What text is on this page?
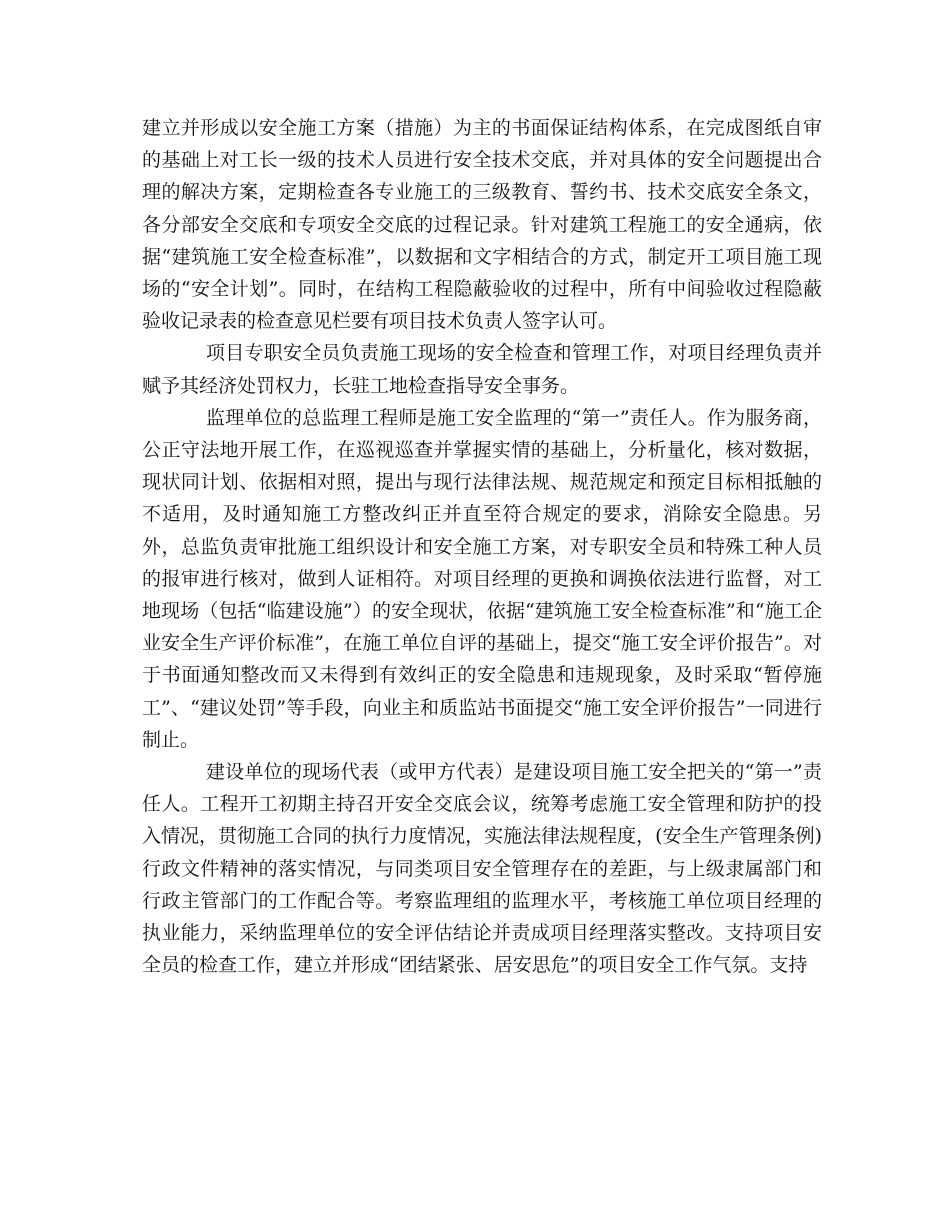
建立并形成以安全施工方案（措施）为主的书面保证结构体系，在完成图纸自审的基础上对工长一级的技术人员进行安全技术交底，并对具体的安全问题提出合理的解决方案，定期检查各专业施工的三级教育、誓约书、技术交底安全条文，各分部安全交底和专项安全交底的过程记录。针对建筑工程施工的安全通病，依据“建筑施工安全检查标准”，以数据和文字相结合的方式，制定开工项目施工现场的“安全计划”。同时，在结构工程隐蔽验收的过程中，所有中间验收过程隐蔽验收记录表的检查意见栏要有项目技术负责人签字认可。

项目专职安全员负责施工现场的安全检查和管理工作，对项目经理负责并赋予其经济处罚权力，长驻工地检查指导安全事务。

监理单位的总监理工程师是施工安全监理的“第一”责任人。作为服务商，公正守法地开展工作，在巡视巡查并掌握实情的基础上，分析量化，核对数据，现状同计划、依据相对照，提出与现行法律法规、规范规定和预定目标相抵触的不适用，及时通知施工方整改纠正并直至符合规定的要求，消除安全隐患。另外，总监负责审批施工组织设计和安全施工方案，对专职安全员和特殊工种人员的报审进行核对，做到人证相符。对项目经理的更换和调换依法进行监督，对工地现场（包括“临建设施”）的安全现状，依据“建筑施工安全检查标准”和“施工企业安全生产评价标准”，在施工单位自评的基础上，提交“施工安全评价报告”。对于书面通知整改而又未得到有效纠正的安全隐患和违规现象，及时采取“暂停施工”、“建议处罚”等手段，向业主和质监站书面提交“施工安全评价报告”一同进行制止。

建设单位的现场代表（或甲方代表）是建设项目施工安全把关的“第一”责任人。工程开工初期主持召开安全交底会议，统筹考虑施工安全管理和防护的投入情况，贯彻施工合同的执行力度情况，实施法律法规程度，(安全生产管理条例)行政文件精神的落实情况，与同类项目安全管理存在的差距，与上级隶属部门和行政主管部门的工作配合等。考察监理组的监理水平，考核施工单位项目经理的执业能力，采纳监理单位的安全评估结论并责成项目经理落实整改。支持项目安全员的检查工作，建立并形成“团结紧张、居安思危”的项目安全工作气氛。支持
